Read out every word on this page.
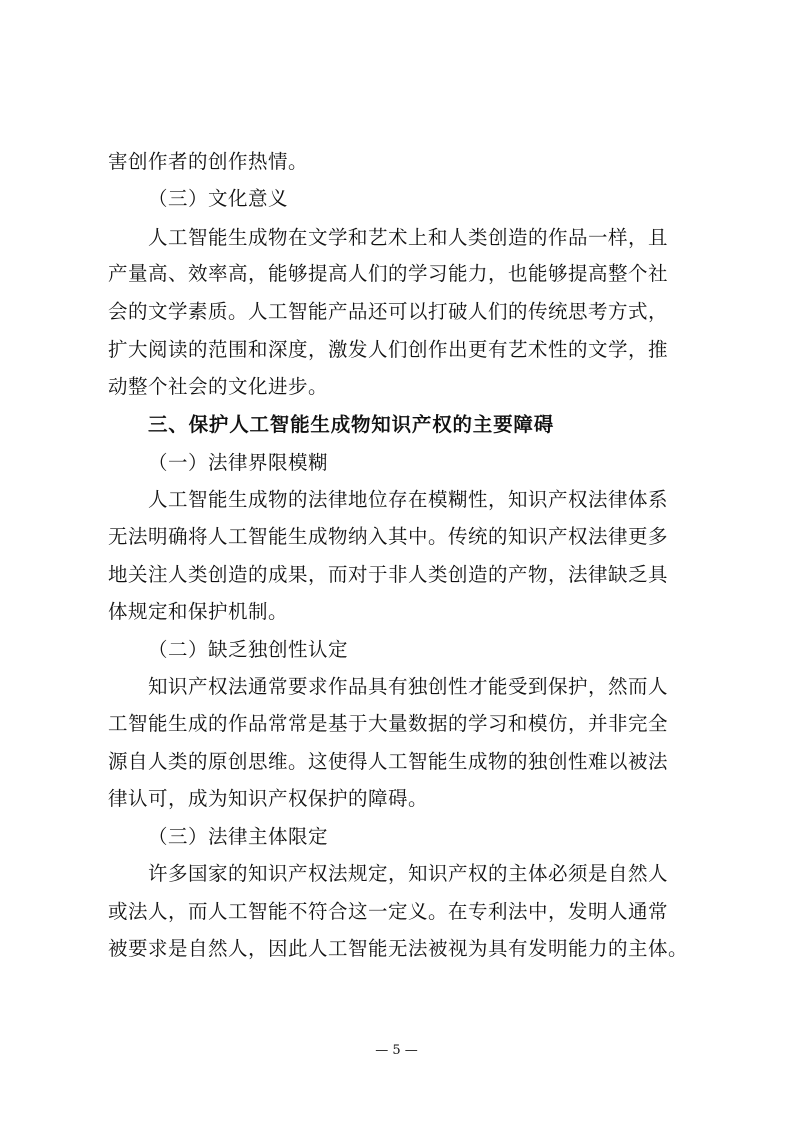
害创作者的创作热情。
（三）文化意义
人工智能生成物在文学和艺术上和人类创造的作品一样，且
产量高、效率高，能够提高人们的学习能力，也能够提高整个社
会的文学素质。人工智能产品还可以打破人们的传统思考方式，
扩大阅读的范围和深度，激发人们创作出更有艺术性的文学，推
动整个社会的文化进步。
三、保护人工智能生成物知识产权的主要障碍
（一）法律界限模糊
人工智能生成物的法律地位存在模糊性，知识产权法律体系
无法明确将人工智能生成物纳入其中。传统的知识产权法律更多
地关注人类创造的成果，而对于非人类创造的产物，法律缺乏具
体规定和保护机制。
（二）缺乏独创性认定
知识产权法通常要求作品具有独创性才能受到保护，然而人
工智能生成的作品常常是基于大量数据的学习和模仿，并非完全
源自人类的原创思维。这使得人工智能生成物的独创性难以被法
律认可，成为知识产权保护的障碍。
（三）法律主体限定
许多国家的知识产权法规定，知识产权的主体必须是自然人
或法人，而人工智能不符合这一定义。在专利法中，发明人通常
被要求是自然人，因此人工智能无法被视为具有发明能力的主体。
— 5 —
